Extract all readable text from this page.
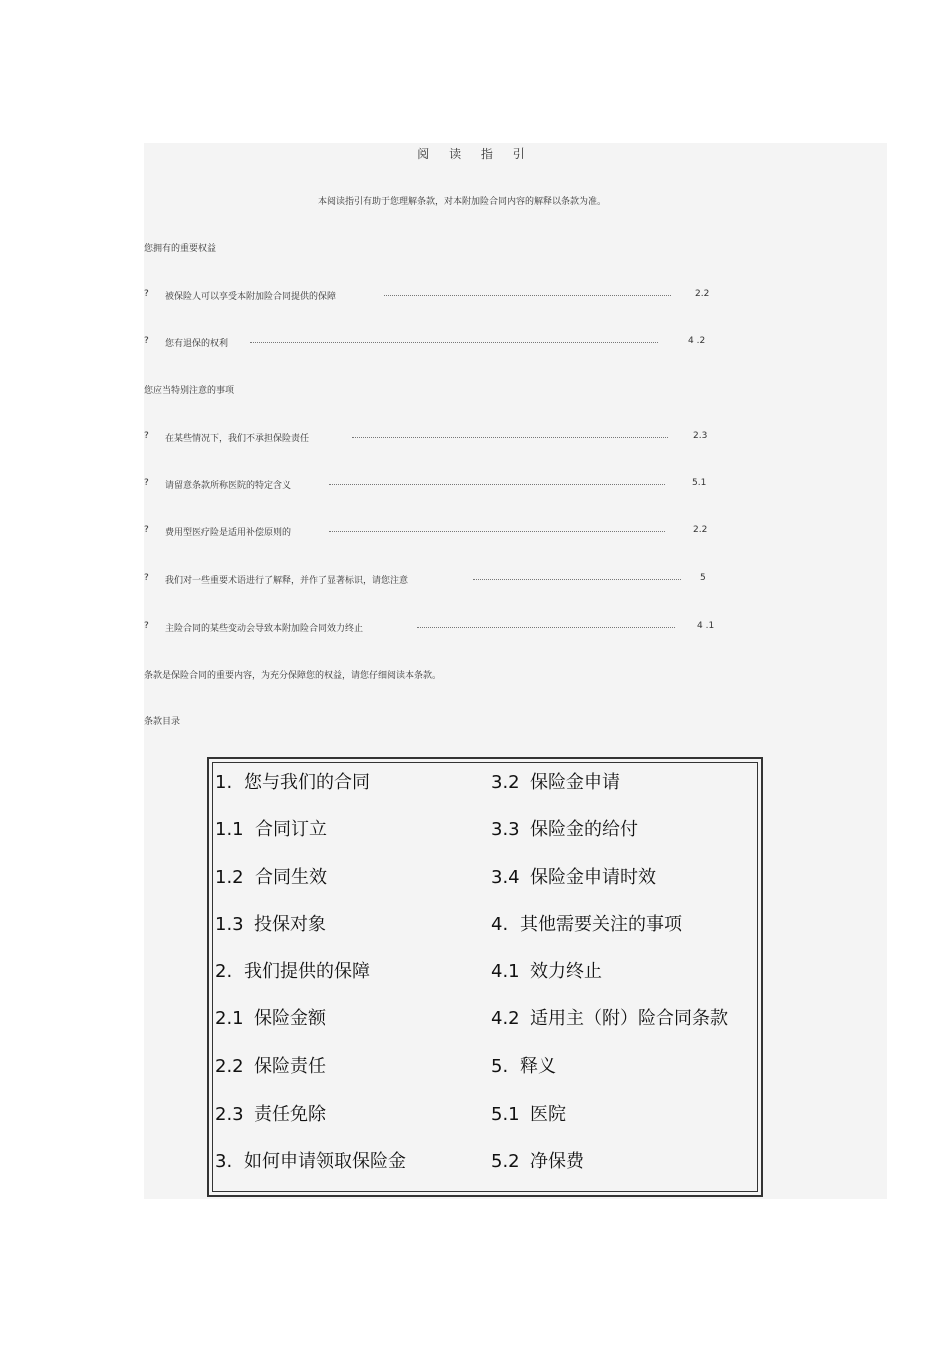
阅 读 指 引
本阅读指引有助于您理解条款，对本附加险合同内容的解释以条款为准。
您拥有的重要权益
? 被保险人可以享受本附加险合同提供的保障	2.2
? 您有退保的权利	4 .2
您应当特别注意的事项
? 在某些情况下，我们不承担保险责任	2.3
? 请留意条款所称医院的特定含义	5.1
? 费用型医疗险是适用补偿原则的	2.2
? 我们对一些重要术语进行了解释，并作了显著标识，请您注意	5
? 主险合同的某些变动会导致本附加险合同效力终止	4 .1
条款是保险合同的重要内容，为充分保障您的权益，请您仔细阅读本条款。
条款目录
1. 您与我们的合同
1.1 合同订立
1.2 合同生效
1.3 投保对象
2. 我们提供的保障
2.1 保险金额
2.2 保险责任
2.3 责任免除
3. 如何申请领取保险金
3.2 保险金申请
3.3 保险金的给付
3.4 保险金申请时效
4. 其他需要关注的事项
4.1 效力终止
4.2 适用主（附）险合同条款
5. 释义
5.1 医院
5.2 净保费
